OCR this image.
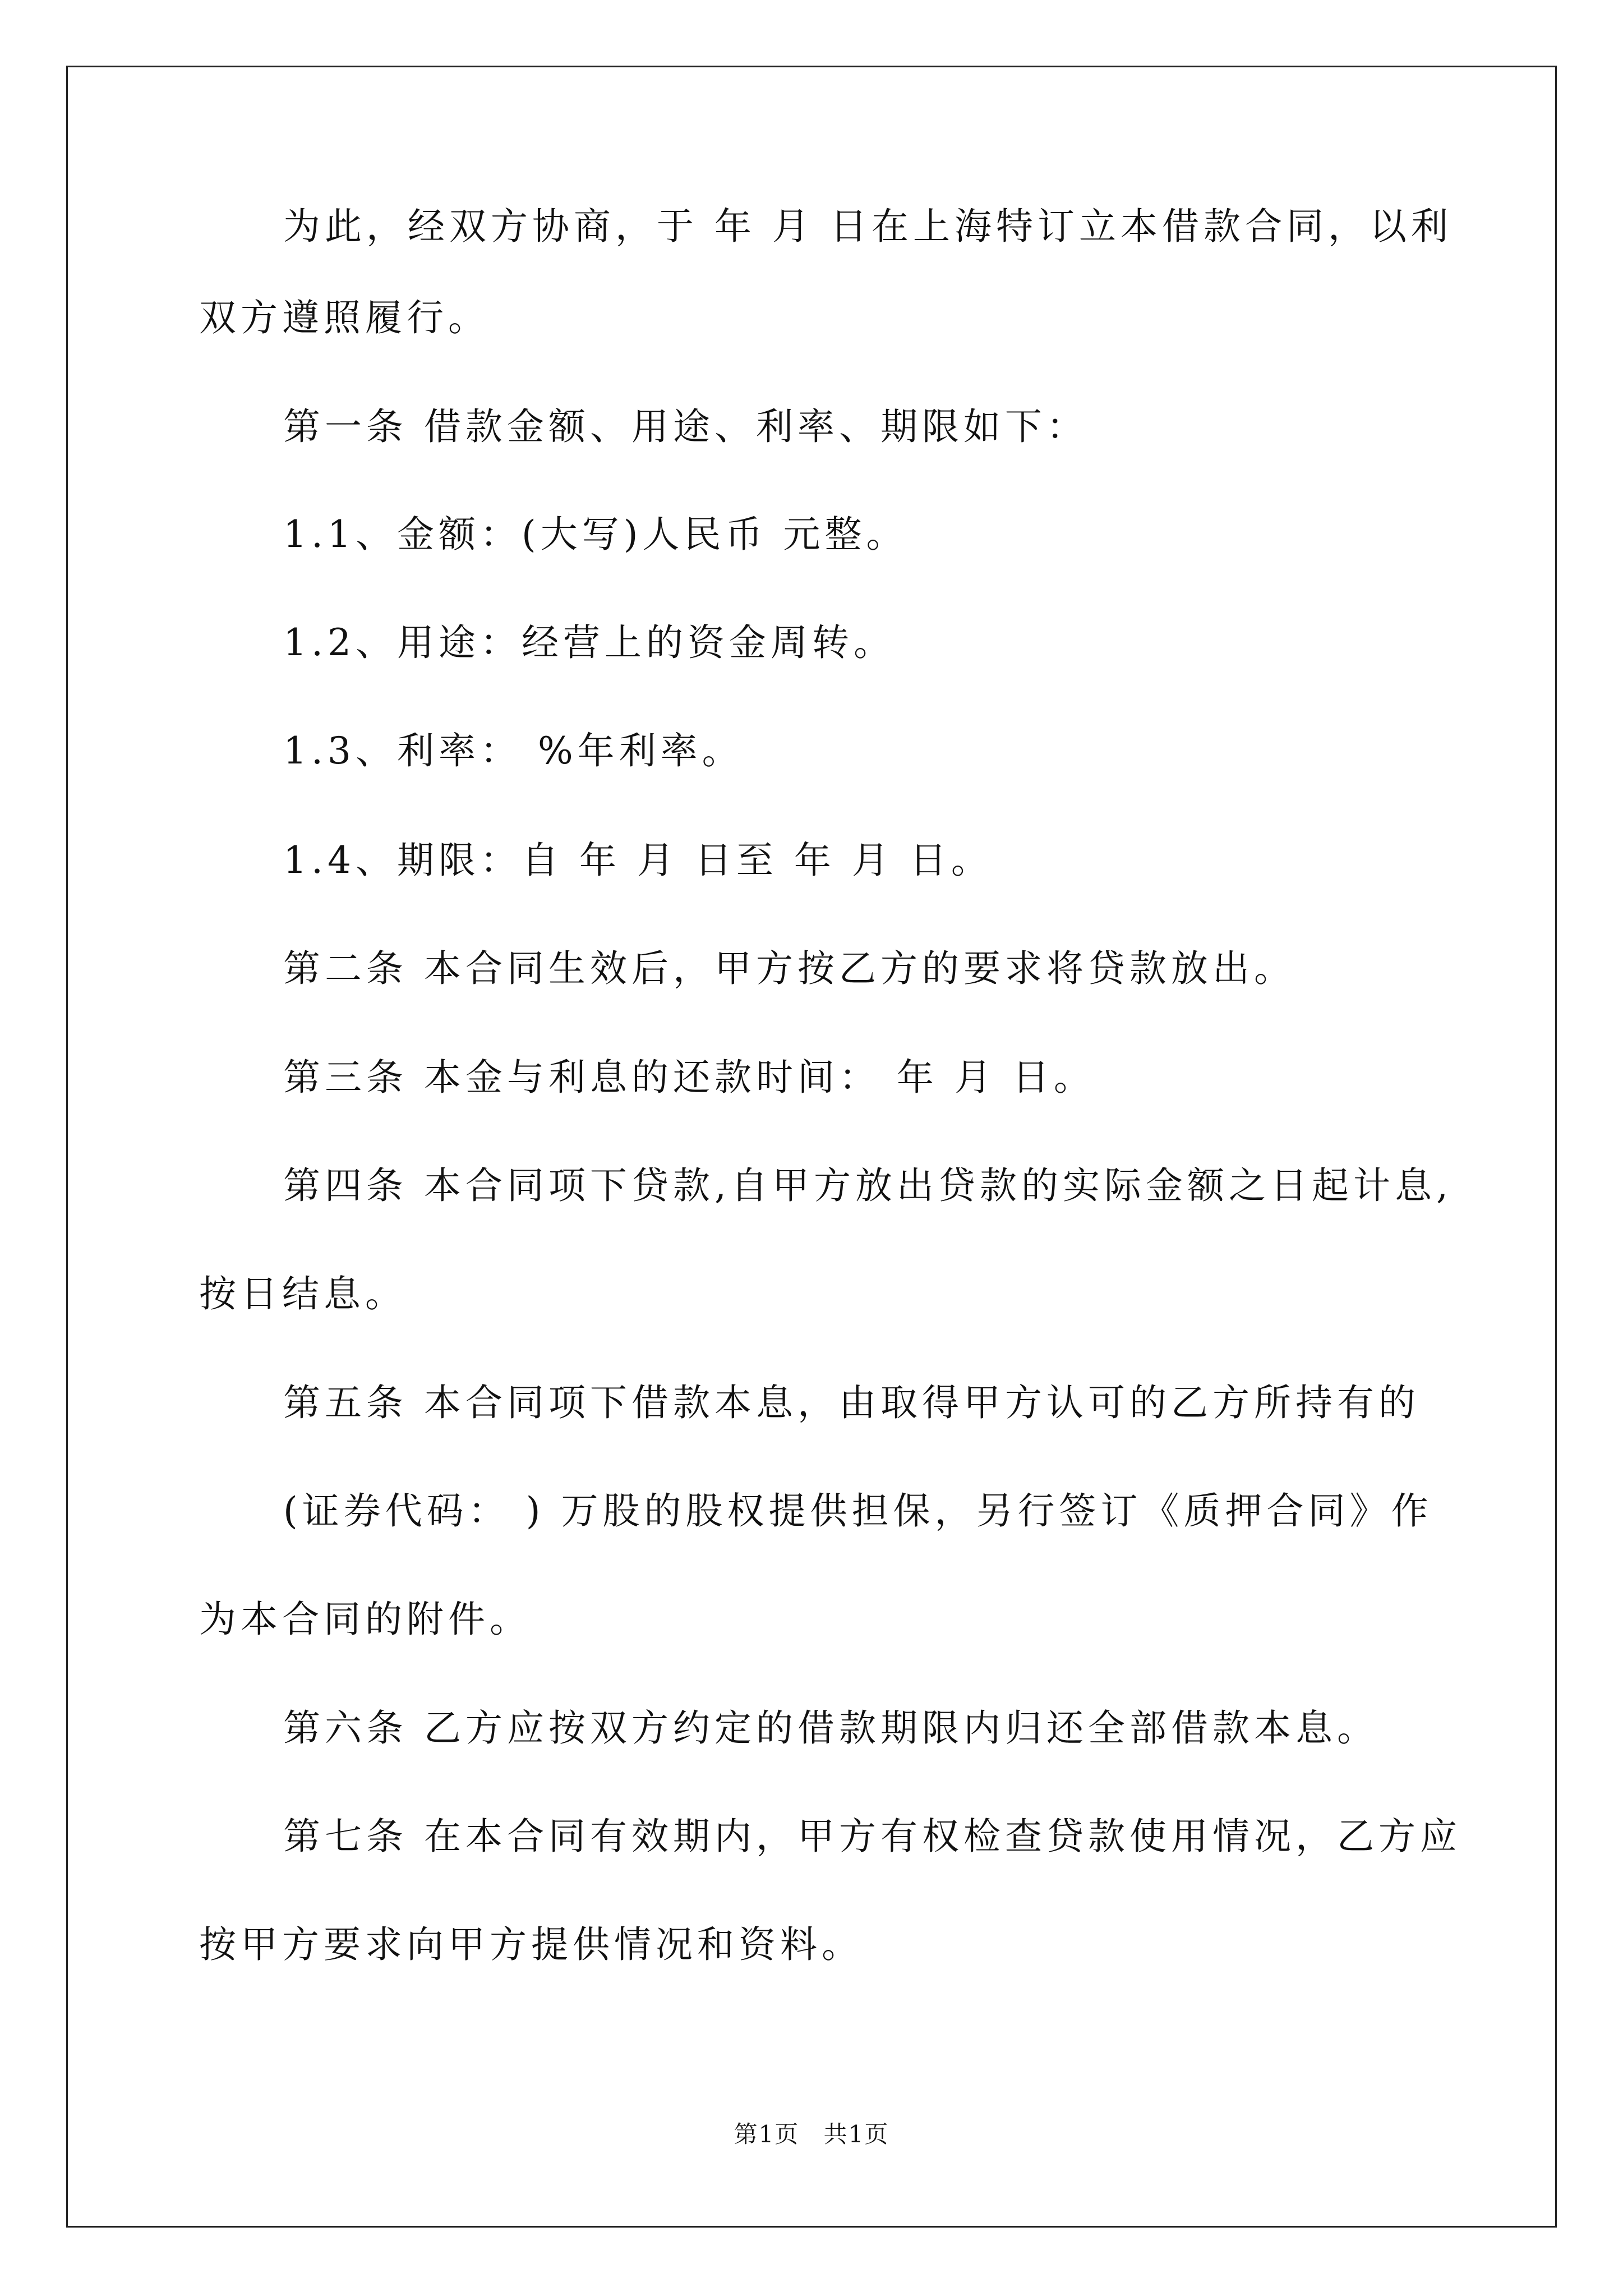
为此，经双方协商，于 年 月 日在上海特订立本借款合同，以利

双方遵照履行。

第一条 借款金额、用途、利率、期限如下：

1.1、金额：(大写)人民币 元整。

1.2、用途：经营上的资金周转。

1.3、利率： %年利率。

1.4、期限：自 年 月 日至 年 月 日。

第二条 本合同生效后，甲方按乙方的要求将贷款放出。

第三条 本金与利息的还款时间： 年 月 日。

第四条 本合同项下贷款,自甲方放出贷款的实际金额之日起计息,

按日结息。

第五条 本合同项下借款本息，由取得甲方认可的乙方所持有的

(证券代码： ) 万股的股权提供担保，另行签订《质押合同》作

为本合同的附件。

第六条 乙方应按双方约定的借款期限内归还全部借款本息。

第七条 在本合同有效期内，甲方有权检查贷款使用情况，乙方应

按甲方要求向甲方提供情况和资料。

第1页 共1页
